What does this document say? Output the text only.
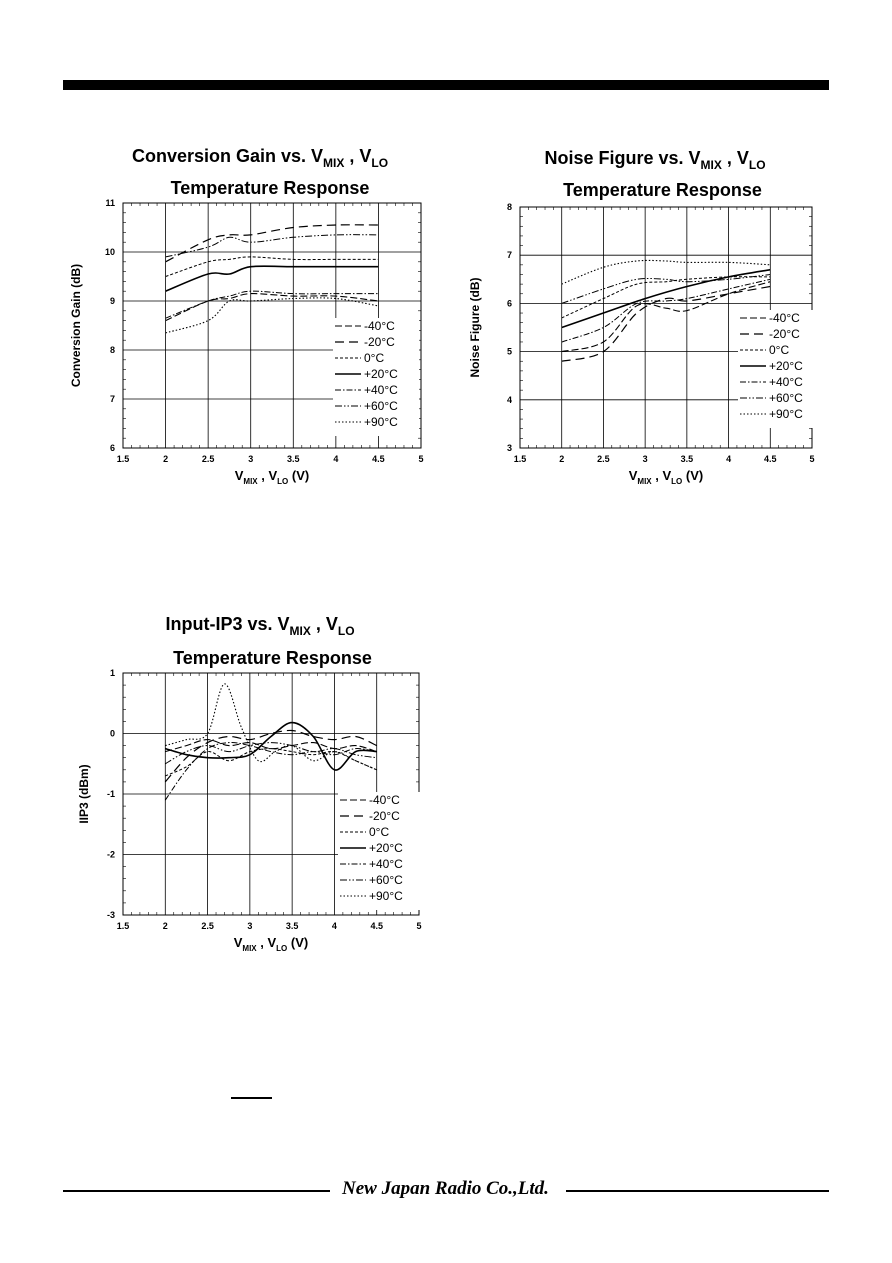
Conversion Gain vs. $V_{MIX}$ , $V_{LO}$
Temperature Response
1.5	2	2.5	3	3.5	4	4.5	5
6
7
8
9
10
11
-40°C
-20°C
0°C
+20°C
+40°C
+60°C
+90°C
Conversion Gain (dB)
$V_{MIX}$ , $V_{LO}$ (V)
Noise Figure vs. $V_{MIX}$ , $V_{LO}$
Temperature Response
1.5	2	2.5	3	3.5	4	4.5	5
3
4
5
6
7
8
-40°C
-20°C
0°C
+20°C
+40°C
+60°C
+90°C
Noise Figure (dB)
$V_{MIX}$ , $V_{LO}$ (V)
Input-IP3 vs. $V_{MIX}$ , $V_{LO}$
Temperature Response
1.5	2	2.5	3	3.5	4	4.5	5
-3
-2
-1
0
1
-40°C
-20°C
0°C
+20°C
+40°C
+60°C
+90°C
IIP3 (dBm)
$V_{MIX}$ , $V_{LO}$ (V)
New Japan Radio Co.,Ltd.
